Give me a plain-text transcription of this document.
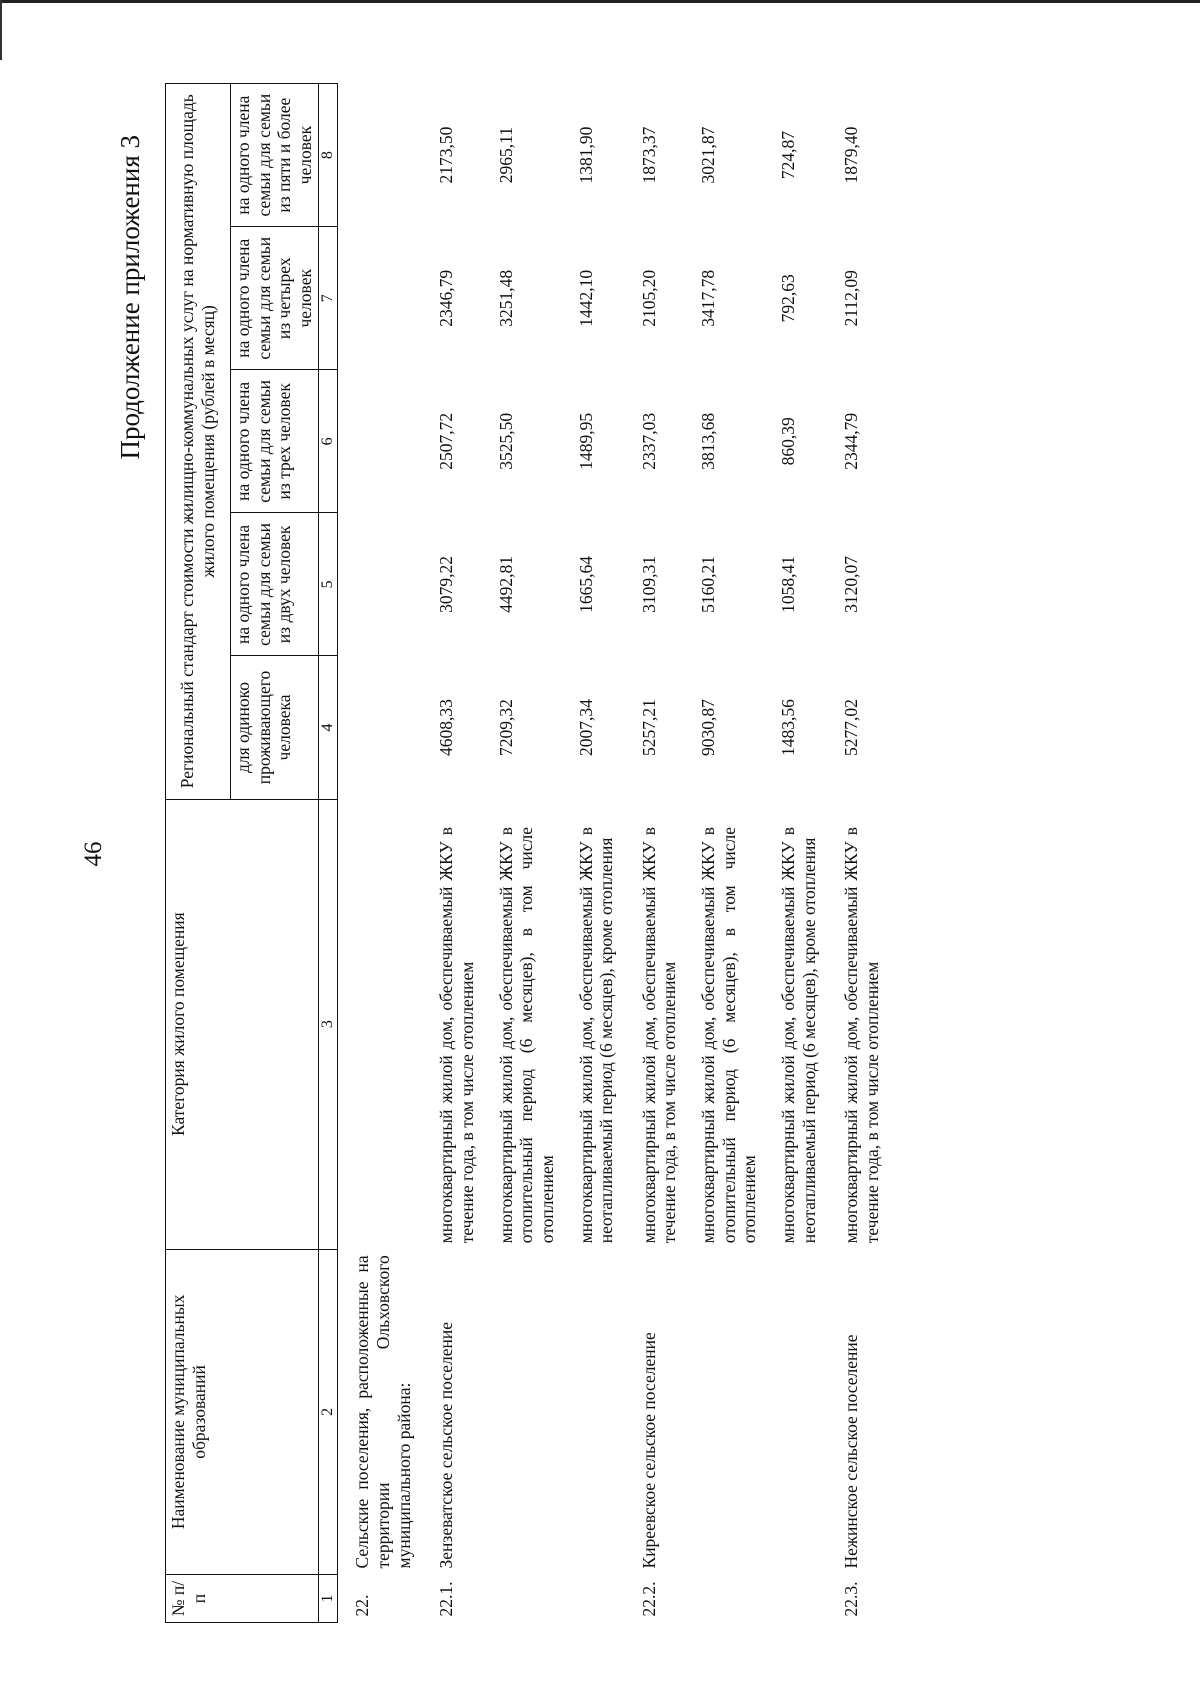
46
Продолжение приложения 3
№ п/п	Наименование муниципальных образований	Категория жилого помещения	Региональный стандарт стоимости жилищно-коммунальных услуг на нормативную площадь жилого помещения (рублей в месяц)				
			для одиноко проживающего человека	на одного члена семьи для семьи из двух человек	на одного члена семьи для семьи из трех человек	на одного члена семьи для семьи из четырех человек	на одного члена семьи для семьи из пяти и более человек
1	2	3	4	5	6	7	8
22.	Сельские поселения, расположенные на территории Ольховского муниципального района:						
22.1.	Зензеватское сельское поселение	многоквартирный жилой дом, обеспечиваемый ЖКУ в течение года, в том числе отоплением	4608,33	3079,22	2507,72	2346,79	2173,50
		многоквартирный жилой дом, обеспечиваемый ЖКУ в отопительный период (6 месяцев), в том числе отоплением	7209,32	4492,81	3525,50	3251,48	2965,11
		многоквартирный жилой дом, обеспечиваемый ЖКУ в неотапливаемый период (6 месяцев), кроме отопления	2007,34	1665,64	1489,95	1442,10	1381,90
22.2.	Киреевское сельское поселение	многоквартирный жилой дом, обеспечиваемый ЖКУ в течение года, в том числе отоплением	5257,21	3109,31	2337,03	2105,20	1873,37
		многоквартирный жилой дом, обеспечиваемый ЖКУ в отопительный период (6 месяцев), в том числе отоплением	9030,87	5160,21	3813,68	3417,78	3021,87
		многоквартирный жилой дом, обеспечиваемый ЖКУ в неотапливаемый период (6 месяцев), кроме отопления	1483,56	1058,41	860,39	792,63	724,87
22.3.	Нежинское сельское поселение	многоквартирный жилой дом, обеспечиваемый ЖКУ в течение года, в том числе отоплением	5277,02	3120,07	2344,79	2112,09	1879,40
